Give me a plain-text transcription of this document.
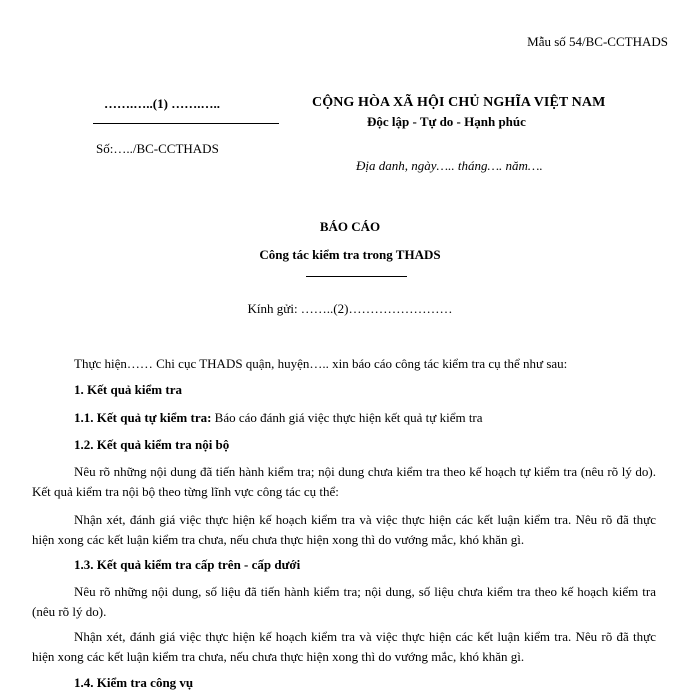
Mẫu số 54/BC-CCTHADS
…….…..(1) …….…..
Số:…../BC-CCTHADS
CỘNG HÒA XÃ HỘI CHỦ NGHĨA VIỆT NAM
Độc lập - Tự do - Hạnh phúc
Địa danh, ngày….. tháng…. năm….
BÁO CÁO
Công tác kiểm tra trong THADS
Kính gửi: ……..(2)……………………

Thực hiện…… Chi cục THADS quận, huyện….. xin báo cáo công tác kiểm tra cụ thể như sau:

1. Kết quả kiểm tra

1.1. Kết quả tự kiểm tra: Báo cáo đánh giá việc thực hiện kết quả tự kiểm tra

1.2. Kết quả kiểm tra nội bộ

Nêu rõ những nội dung đã tiến hành kiểm tra; nội dung chưa kiểm tra theo kế hoạch tự kiểm tra (nêu rõ lý do). Kết quả kiểm tra nội bộ theo từng lĩnh vực công tác cụ thể:

Nhận xét, đánh giá việc thực hiện kế hoạch kiểm tra và việc thực hiện các kết luận kiểm tra. Nêu rõ đã thực hiện xong các kết luận kiểm tra chưa, nếu chưa thực hiện xong thì do vướng mắc, khó khăn gì.

1.3. Kết quả kiểm tra cấp trên - cấp dưới

Nêu rõ những nội dung, số liệu đã tiến hành kiểm tra; nội dung, số liệu chưa kiểm tra theo kế hoạch kiểm tra (nêu rõ lý do).

Nhận xét, đánh giá việc thực hiện kế hoạch kiểm tra và việc thực hiện các kết luận kiểm tra. Nêu rõ đã thực hiện xong các kết luận kiểm tra chưa, nếu chưa thực hiện xong thì do vướng mắc, khó khăn gì.

1.4. Kiểm tra công vụ
